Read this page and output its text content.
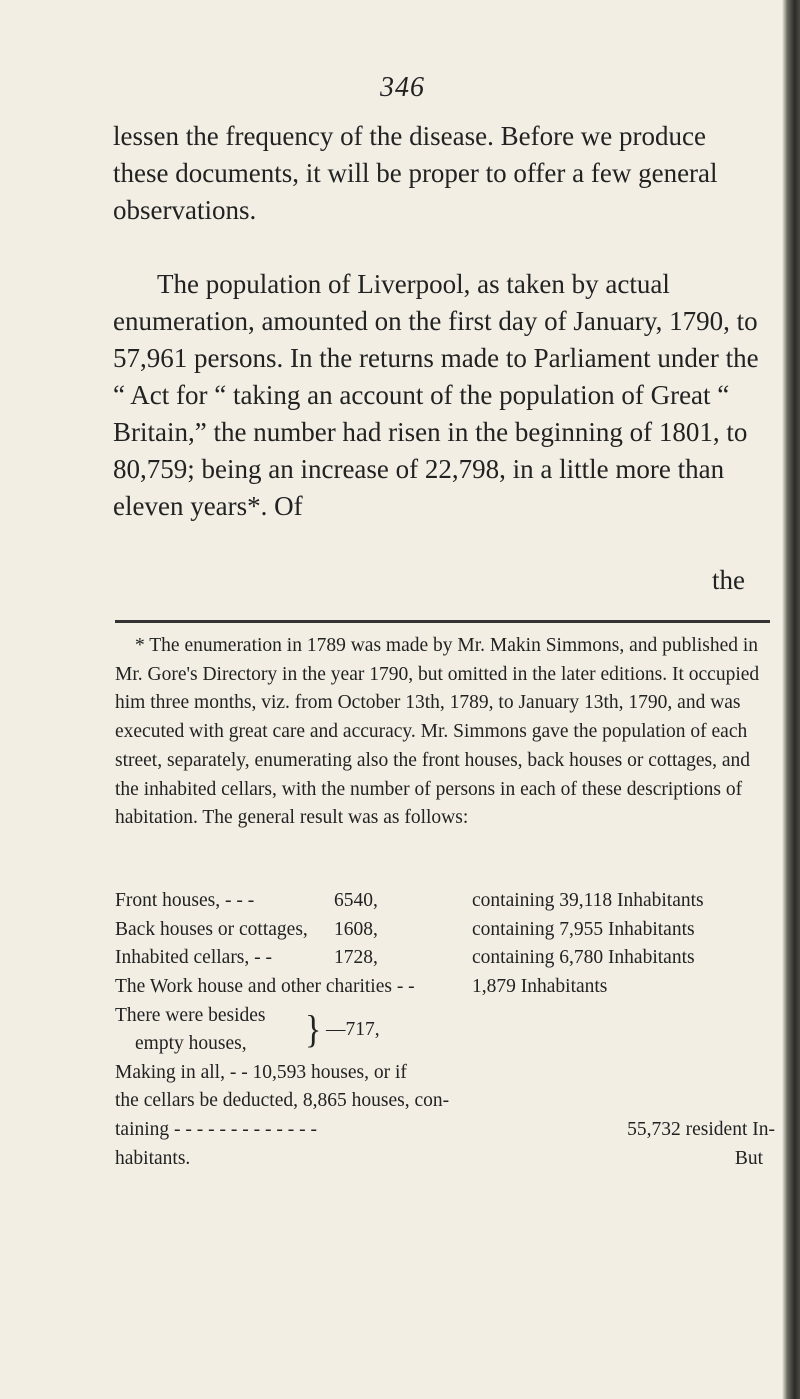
346

lessen the frequency of the disease. Before we produce these documents, it will be proper to offer a few general observations.

The population of Liverpool, as taken by actual enumeration, amounted on the first day of January, 1790, to 57,961 persons. In the returns made to Parliament under the “ Act for “ taking an account of the population of Great “ Britain,” the number had risen in the beginning of 1801, to 80,759; being an increase of 22,798, in a little more than eleven years*. Of

the

* The enumeration in 1789 was made by Mr. Makin Simmons, and published in Mr. Gore's Directory in the year 1790, but omitted in the later editions. It occupied him three months, viz. from October 13th, 1789, to January 13th, 1790, and was executed with great care and accuracy. Mr. Simmons gave the population of each street, separately, enumerating also the front houses, back houses or cottages, and the inhabited cellars, with the number of persons in each of these descriptions of habitation. The general result was as follows:

Front houses, - - -	6540,	containing 39,118 Inhabitants
Back houses or cottages, 1608,	containing 7,955 Inhabitants
Inhabited cellars, - -	1728,	containing 6,780 Inhabitants
The Work house and other charities - -	1,879 Inhabitants
There were besides
empty houses, } —717,
Making in all, - - 10,593 houses, or if
the cellars be deducted, 8,865 houses, con-
taining - - - - - - - - - - - - -	55,732 resident In-
habitants.	But
